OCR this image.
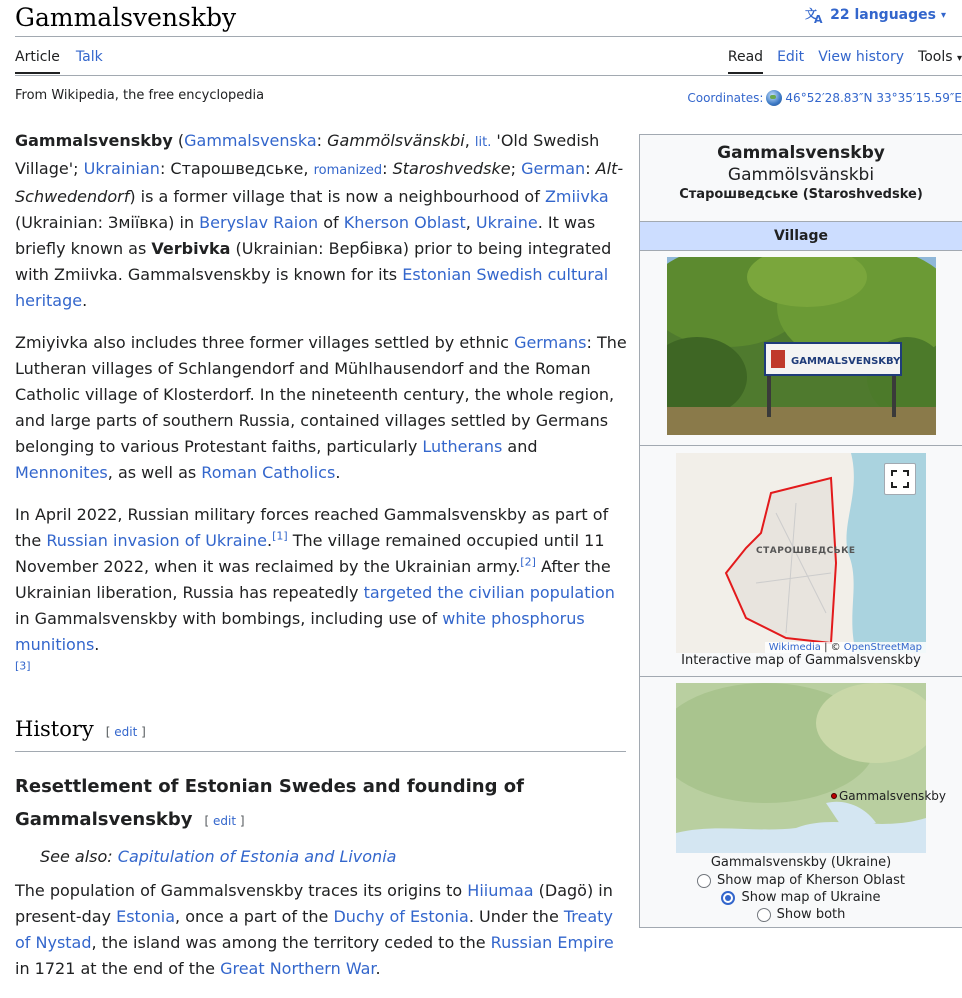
Gammalsvenskby	文
A 22 languages ▾
Article Talk	Read Edit View history Tools ▾
From Wikipedia, the free encyclopedia	Coordinates: 46°52′28.83″N 33°35′15.59″E

Gammalsvenskby (Gammalsvenska: Gammölsvänskbi, lit. 'Old Swedish Village'; Ukrainian: Старошведське, romanized: Staroshvedske; German: Alt-Schwedendorf) is a former village that is now a neighbourhood of Zmiivka (Ukrainian: Зміївка) in Beryslav Raion of Kherson Oblast, Ukraine. It was briefly known as Verbivka (Ukrainian: Вербівка) prior to being integrated with Zmiivka. Gammalsvenskby is known for its Estonian Swedish cultural heritage.

Zmiyivka also includes three former villages settled by ethnic Germans: The Lutheran villages of Schlangendorf and Mühlhausendorf and the Roman Catholic village of Klosterdorf. In the nineteenth century, the whole region, and large parts of southern Russia, contained villages settled by Germans belonging to various Protestant faiths, particularly Lutherans and Mennonites, as well as Roman Catholics.

In April 2022, Russian military forces reached Gammalsvenskby as part of the Russian invasion of Ukraine.[1] The village remained occupied until 11 November 2022, when it was reclaimed by the Ukrainian army.[2] After the Ukrainian liberation, Russia has repeatedly targeted the civilian population in Gammalsvenskby with bombings, including use of white phosphorus munitions.
[3]

History [ edit ]
Resettlement of Estonian Swedes and founding of Gammalsvenskby [ edit ]
See also: Capitulation of Estonia and Livonia

The population of Gammalsvenskby traces its origins to Hiiumaa (Dagö) in present-day Estonia, once a part of the Duchy of Estonia. Under the Treaty of Nystad, the island was among the territory ceded to the Russian Empire in 1721 at the end of the Great Northern War.

Gammalsvenskby
Gammölsvänskbi
Старошведське (Staroshvedske)
Village
GAMMALSVENSKBY
СТАРОШВЕДСЬКЕ
Wikimedia | © OpenStreetMap
Interactive map of Gammalsvenskby
Gammalsvenskby
Gammalsvenskby (Ukraine)
Show map of Kherson Oblast
Show map of Ukraine
Show both
